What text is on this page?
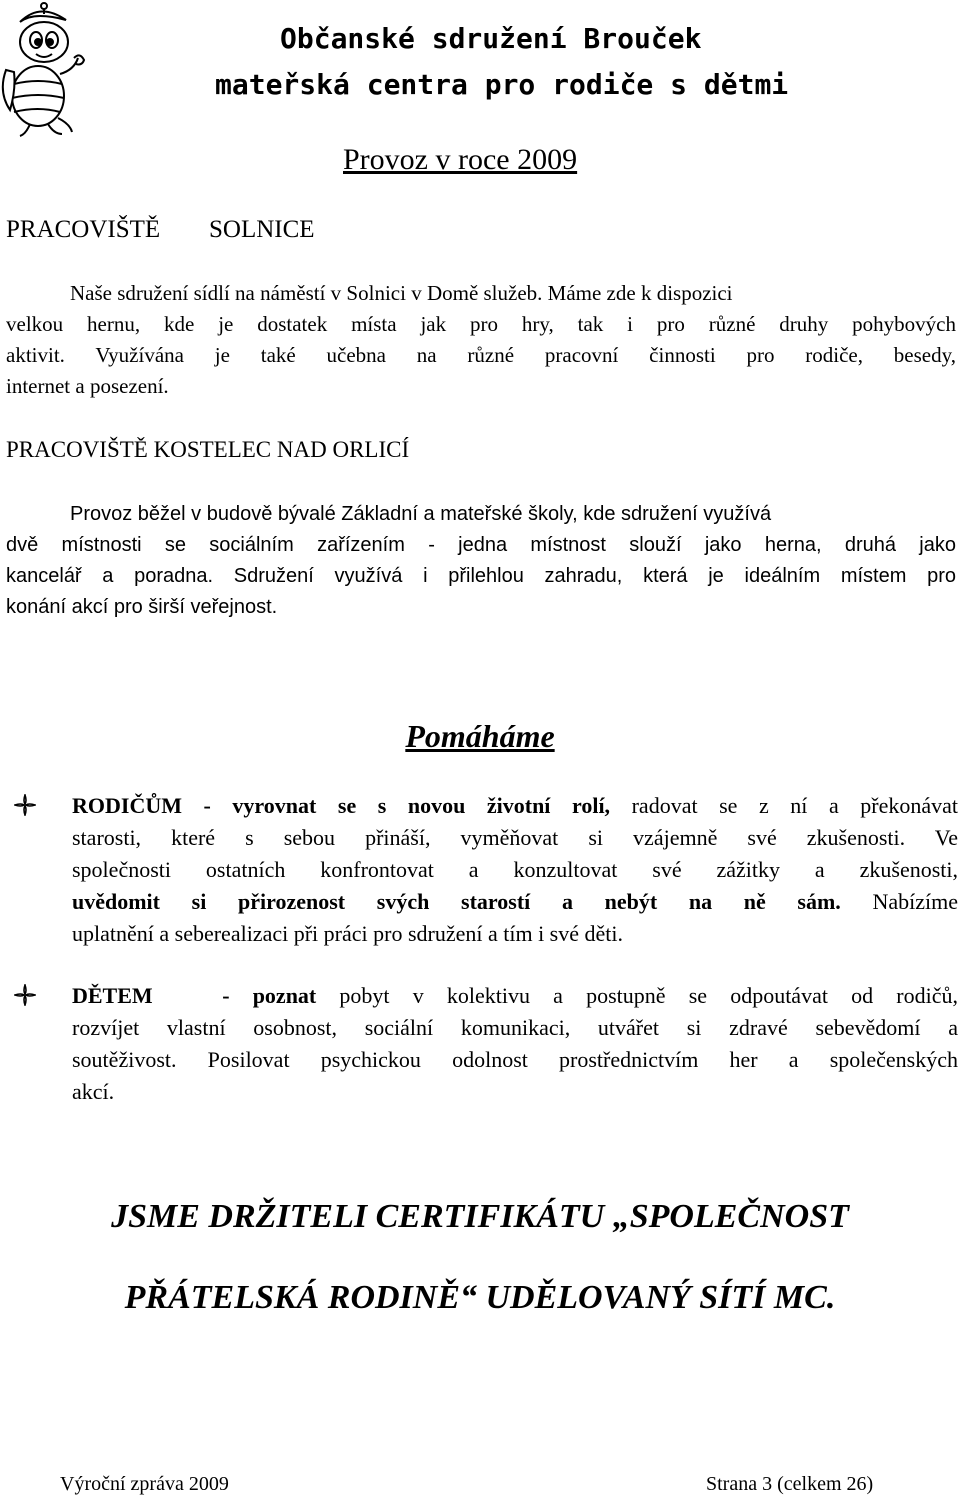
Občanské sdružení Brouček
mateřská centra pro rodiče s dětmi
Provoz v roce 2009
PRACOVIŠTĚ SOLNICE
Naše sdružení sídlí na náměstí v Solnici v Domě služeb. Máme zde k dispozici
velkou hernu, kde je dostatek místa jak pro hry, tak i pro různé druhy pohybových
aktivit. Využívána je také učebna na různé pracovní činnosti pro rodiče, besedy,
internet a posezení.
PRACOVIŠTĚ KOSTELEC NAD ORLICÍ
Provoz běžel v budově bývalé Základní a mateřské školy, kde sdružení využívá
dvě místnosti se sociálním zařízením - jedna místnost slouží jako herna, druhá jako
kancelář a poradna. Sdružení využívá i přilehlou zahradu, která je ideálním místem pro
konání akcí pro širší veřejnost.
Pomáháme
RODIČŮM - vyrovnat se s novou životní rolí, radovat se z ní a překonávat
starosti, které s sebou přináší, vyměňovat si vzájemně své zkušenosti. Ve
společnosti ostatních konfrontovat a konzultovat své zážitky a zkušenosti,
uvědomit si přirozenost svých starostí a nebýt na ně sám. Nabízíme
uplatnění a seberealizaci při práci pro sdružení a tím i své děti.
DĚTEM   - poznat pobyt v kolektivu a postupně se odpoutávat od rodičů,
rozvíjet vlastní osobnost, sociální komunikaci, utvářet si zdravé sebevědomí a
soutěživost. Posilovat psychickou odolnost prostřednictvím her a společenských
akcí.
JSME DRŽITELI CERTIFIKÁTU „SPOLEČNOST
PŘÁTELSKÁ RODINĚ“ UDĚLOVANÝ SÍTÍ MC.
Výroční zpráva 2009	Strana 3 (celkem 26)
